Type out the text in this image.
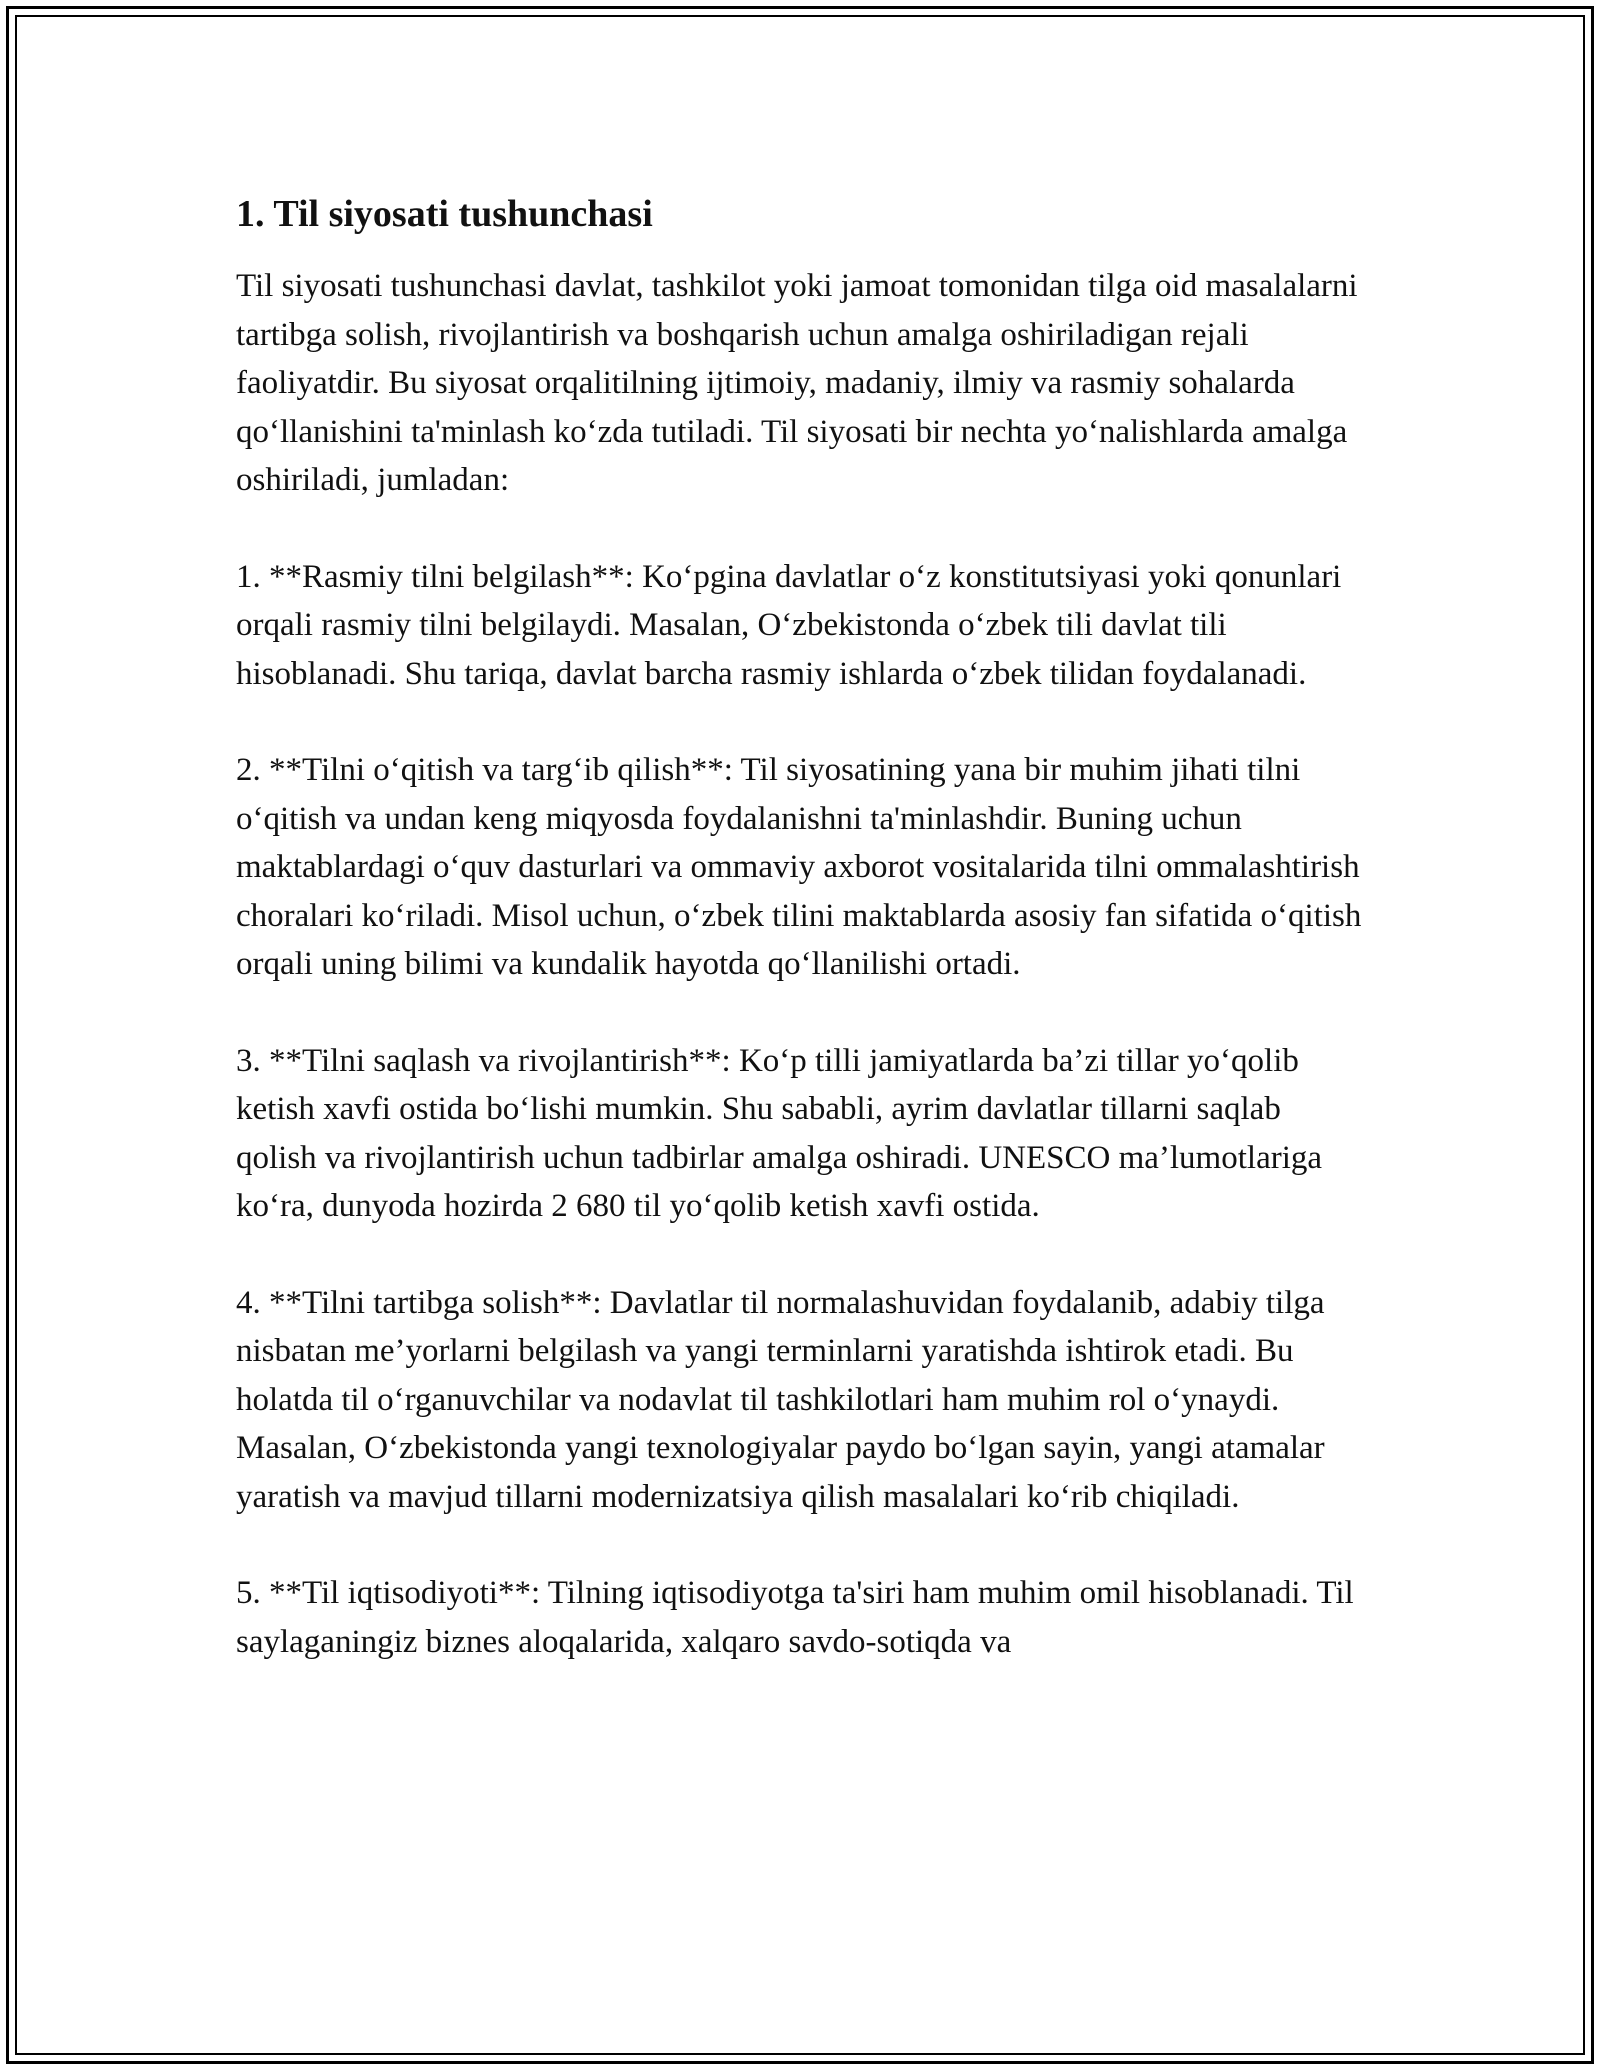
1. Til siyosati tushunchasi

Til siyosati tushunchasi davlat, tashkilot yoki jamoat tomonidan tilga oid masalalarni tartibga solish, rivojlantirish va boshqarish uchun amalga oshiriladigan rejali faoliyatdir. Bu siyosat orqalitilning ijtimoiy, madaniy, ilmiy va rasmiy sohalarda qo‘llanishini ta'minlash ko‘zda tutiladi. Til siyosati bir nechta yo‘nalishlarda amalga oshiriladi, jumladan:

1. **Rasmiy tilni belgilash**: Ko‘pgina davlatlar o‘z konstitutsiyasi yoki qonunlari orqali rasmiy tilni belgilaydi. Masalan, O‘zbekistonda o‘zbek tili davlat tili hisoblanadi. Shu tariqa, davlat barcha rasmiy ishlarda o‘zbek tilidan foydalanadi.

2. **Tilni o‘qitish va targ‘ib qilish**: Til siyosatining yana bir muhim jihati tilni o‘qitish va undan keng miqyosda foydalanishni ta'minlashdir. Buning uchun maktablardagi o‘quv dasturlari va ommaviy axborot vositalarida tilni ommalashtirish choralari ko‘riladi. Misol uchun, o‘zbek tilini maktablarda asosiy fan sifatida o‘qitish orqali uning bilimi va kundalik hayotda qo‘llanilishi ortadi.

3. **Tilni saqlash va rivojlantirish**: Ko‘p tilli jamiyatlarda ba’zi tillar yo‘qolib ketish xavfi ostida bo‘lishi mumkin. Shu sababli, ayrim davlatlar tillarni saqlab qolish va rivojlantirish uchun tadbirlar amalga oshiradi. UNESCO ma’lumotlariga ko‘ra, dunyoda hozirda 2 680 til yo‘qolib ketish xavfi ostida.

4. **Tilni tartibga solish**: Davlatlar til normalashuvidan foydalanib, adabiy tilga nisbatan me’yorlarni belgilash va yangi terminlarni yaratishda ishtirok etadi. Bu holatda til o‘rganuvchilar va nodavlat til tashkilotlari ham muhim rol o‘ynaydi. Masalan, O‘zbekistonda yangi texnologiyalar paydo bo‘lgan sayin, yangi atamalar yaratish va mavjud tillarni modernizatsiya qilish masalalari ko‘rib chiqiladi.

5. **Til iqtisodiyoti**: Tilning iqtisodiyotga ta'siri ham muhim omil hisoblanadi. Til saylaganingiz biznes aloqalarida, xalqaro savdo-sotiqda va
